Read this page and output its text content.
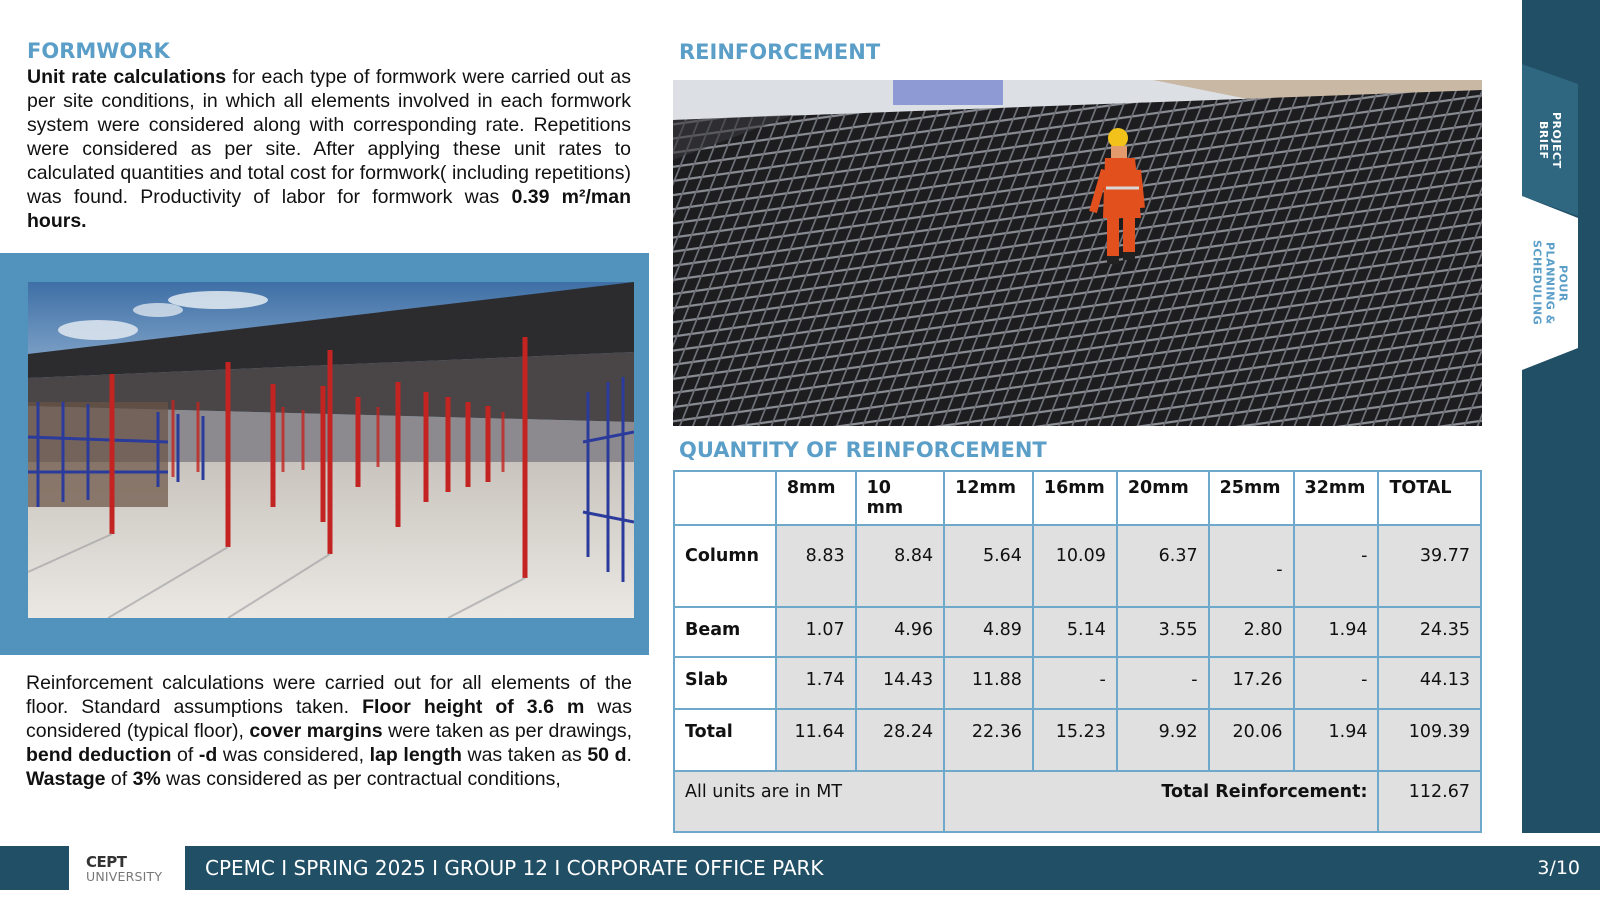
FORMWORK

Unit rate calculations for each type of formwork were carried out as per site conditions, in which all elements involved in each formwork system were considered along with corresponding rate. Repetitions were considered as per site. After applying these unit rates to calculated quantities and total cost for formwork( including repetitions) was found. Productivity of labor for formwork was 0.39 m²/man hours.

Reinforcement calculations were carried out for all elements of the floor. Standard assumptions taken. Floor height of 3.6 m was considered (typical floor), cover margins were taken as per drawings, bend deduction of -d was considered, lap length was taken as 50 d. Wastage of 3% was considered as per contractual conditions,

REINFORCEMENT
QUANTITY OF REINFORCEMENT
	8mm	10 mm	12mm	16mm	20mm	25mm	32mm	TOTAL
Column	8.83	8.84	5.64	10.09	6.37	-	-	39.77
Beam	1.07	4.96	4.89	5.14	3.55	2.80	1.94	24.35
Slab	1.74	14.43	11.88	-	-	17.26	-	44.13
Total	11.64	28.24	22.36	15.23	9.92	20.06	1.94	109.39
All units are in MT			Total Reinforcement:					112.67
PROJECT
BRIEF
POUR
PLANNING &
SCHEDULING
CEPT
UNIVERSITY CPEMC I SPRING 2025 I GROUP 12 I CORPORATE OFFICE PARK	3/10
